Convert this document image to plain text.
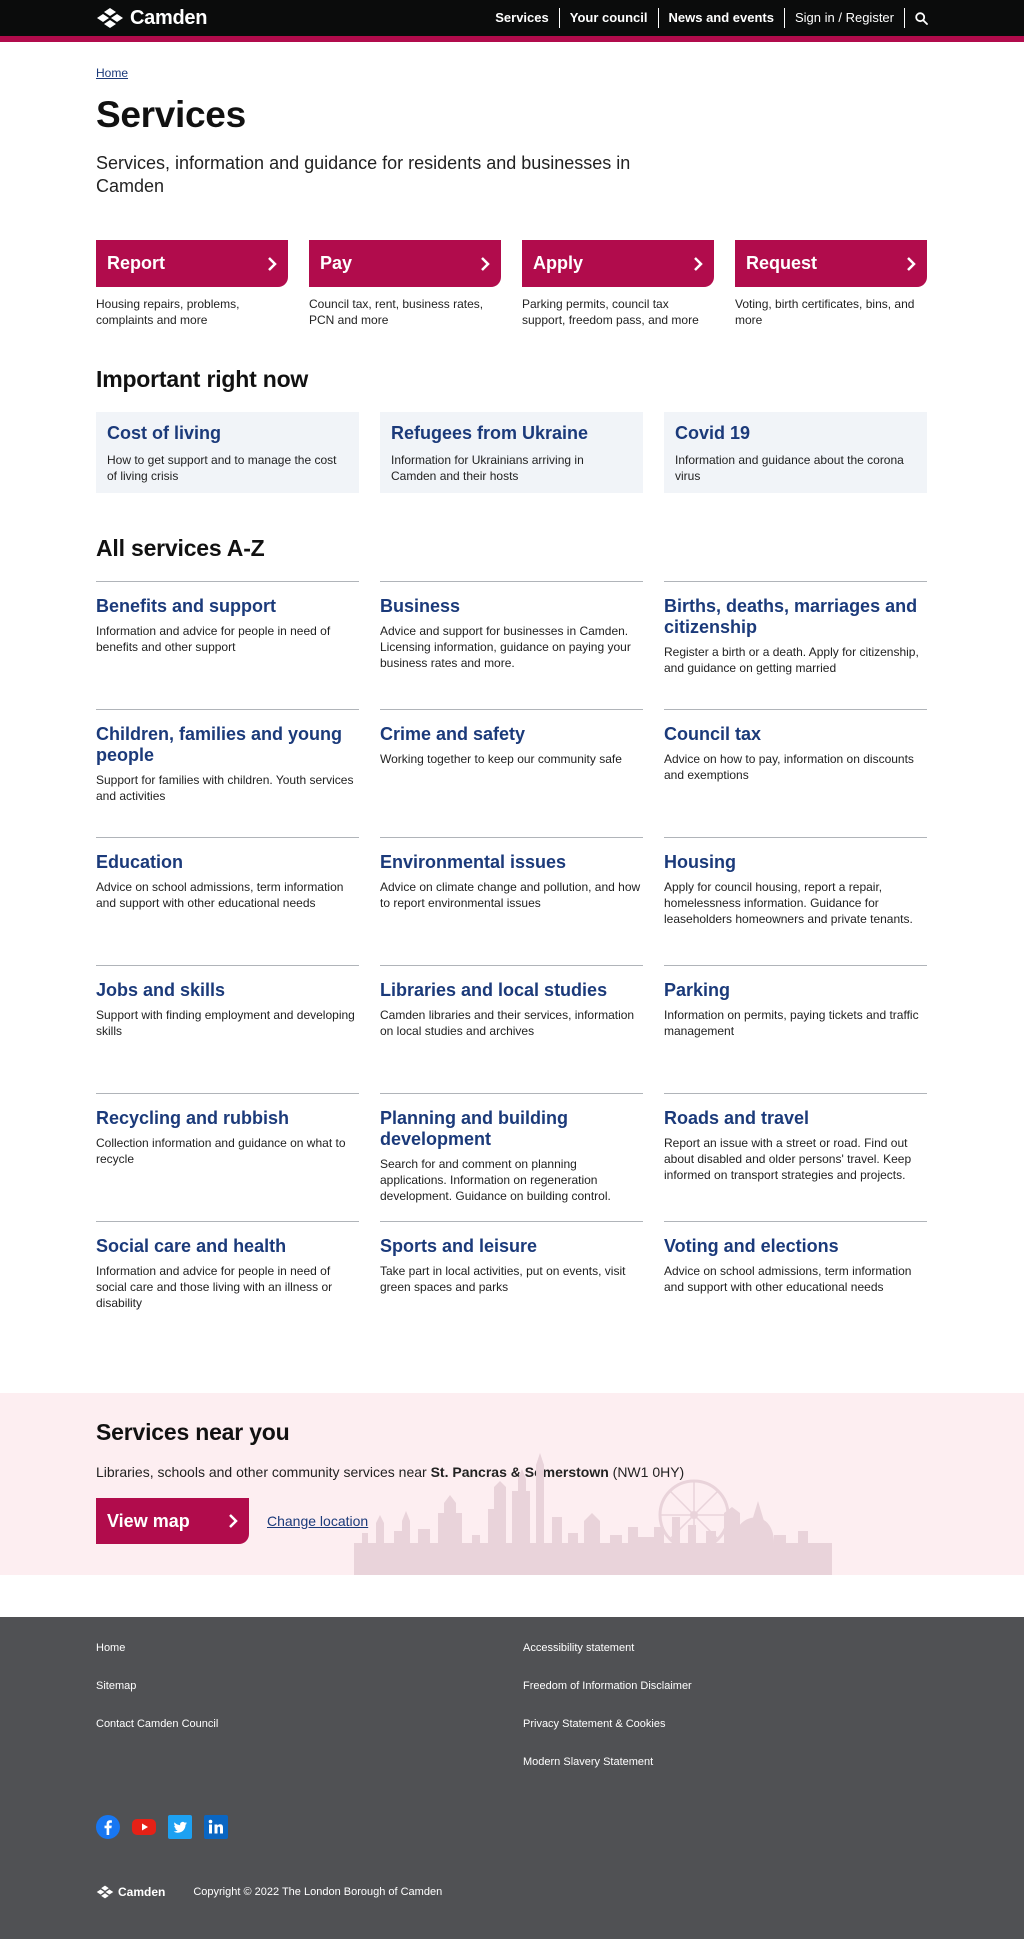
Camden	Services	Your council	News and events	Sign in / Register
Home
Services

Services, information and guidance for residents and businesses in Camden

Report

Housing repairs, problems, complaints and more

Pay

Council tax, rent, business rates, PCN and more

Apply

Parking permits, council tax support, freedom pass, and more

Request

Voting, birth certificates, bins, and more

Important right now
Cost of living
How to get support and to manage the cost of living crisis
Refugees from Ukraine
Information for Ukrainians arriving in Camden and their hosts
Covid 19
Information and guidance about the corona virus
All services A-Z
Benefits and support
Information and advice for people in need of benefits and other support
Business
Advice and support for businesses in Camden. Licensing information, guidance on paying your business rates and more.
Births, deaths, marriages and citizenship
Register a birth or a death. Apply for citizenship, and guidance on getting married
Children, families and young people
Support for families with children. Youth services and activities
Crime and safety
Working together to keep our community safe
Council tax
Advice on how to pay, information on discounts and exemptions
Education
Advice on school admissions, term information and support with other educational needs
Environmental issues
Advice on climate change and pollution, and how to report environmental issues
Housing
Apply for council housing, report a repair, homelessness information. Guidance for leaseholders homeowners and private tenants.
Jobs and skills
Support with finding employment and developing skills
Libraries and local studies
Camden libraries and their services, information on local studies and archives
Parking
Information on permits, paying tickets and traffic management
Recycling and rubbish
Collection information and guidance on what to recycle
Planning and building development
Search for and comment on planning applications. Information on regeneration development. Guidance on building control.
Roads and travel
Report an issue with a street or road. Find out about disabled and older persons' travel. Keep informed on transport strategies and projects.
Social care and health
Information and advice for people in need of social care and those living with an illness or disability
Sports and leisure
Take part in local activities, put on events, visit green spaces and parks
Voting and elections
Advice on school admissions, term information and support with other educational needs
Services near you

Libraries, schools and other community services near St. Pancras & Somerstown (NW1 0HY)

View map	Change location
Home
Sitemap
Contact Camden Council
Accessibility statement
Freedom of Information Disclaimer
Privacy Statement & Cookies
Modern Slavery Statement
Camden	Copyright © 2022 The London Borough of Camden
